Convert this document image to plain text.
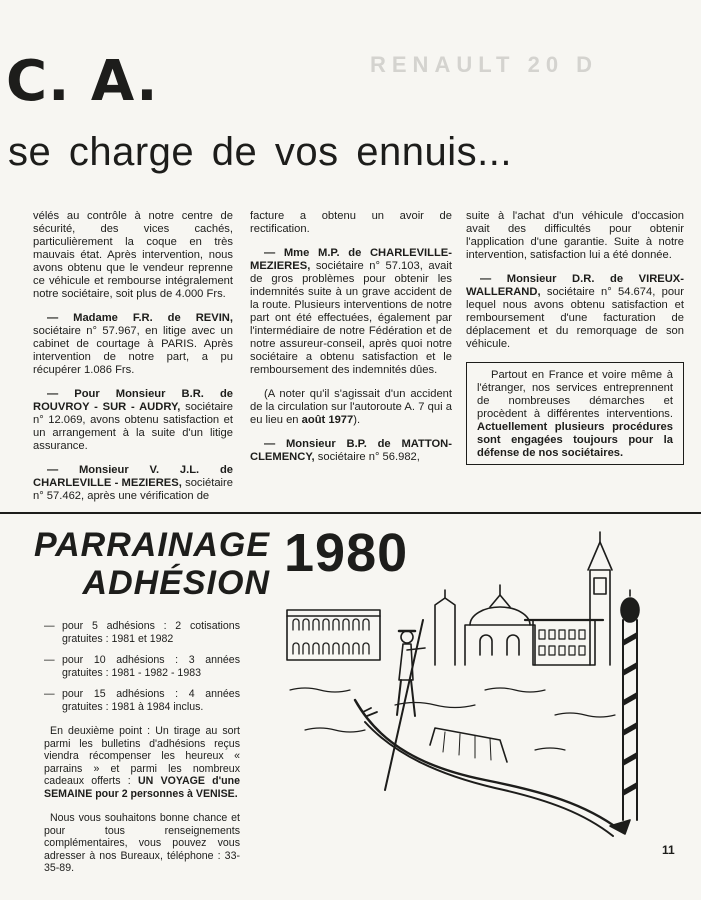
RENAULT 20 D
C. A.
se charge de vos ennuis...

vélés au contrôle à notre centre de sécurité, des vices cachés, particulièrement la coque en très mauvais état. Après intervention, nous avons obtenu que le vendeur reprenne ce véhicule et rembourse intégralement notre sociétaire, soit plus de 4.000 Frs.

— Madame F.R. de REVIN, sociétaire n° 57.967, en litige avec un cabinet de courtage à PARIS. Après intervention de notre part, a pu récupérer 1.086 Frs.

— Pour Monsieur B.R. de ROUVROY - SUR - AUDRY, sociétaire n° 12.069, avons obtenu satisfaction et un arrangement à la suite d'un litige assurance.

— Monsieur V. J.L. de CHARLEVILLE - MEZIERES, sociétaire n° 57.462, après une vérification de

facture a obtenu un avoir de rectification.

— Mme M.P. de CHARLEVILLE-MEZIERES, sociétaire n° 57.103, avait de gros problèmes pour obtenir les indemnités suite à un grave accident de la route. Plusieurs interventions de notre part ont été effectuées, également par l'intermédiaire de notre Fédération et de notre assureur-conseil, après quoi notre sociétaire a obtenu satisfaction et le remboursement des indemnités dûes.

(A noter qu'il s'agissait d'un accident de la circulation sur l'autoroute A. 7 qui a eu lieu en août 1977).

— Monsieur B.P. de MATTON-CLEMENCY, sociétaire n° 56.982,

suite à l'achat d'un véhicule d'occasion avait des difficultés pour obtenir l'application d'une garantie. Suite à notre intervention, satisfaction lui a été donnée.

— Monsieur D.R. de VIREUX-WALLERAND, sociétaire n° 54.674, pour lequel nous avons obtenu satisfaction et remboursement d'une facturation de déplacement et du remorquage de son véhicule.

Partout en France et voire même à l'étranger, nos services entreprennent de nombreuses démarches et procèdent à différentes interventions. Actuellement plusieurs procédures sont engagées toujours pour la défense de nos sociétaires.

PARRAINAGE
ADHÉSION 1980
— pour 5 adhésions : 2 cotisations gratuites : 1981 et 1982
— pour 10 adhésions : 3 années gratuites : 1981 - 1982 - 1983
— pour 15 adhésions : 4 années gratuites : 1981 à 1984 inclus.

En deuxième point : Un tirage au sort parmi les bulletins d'adhésions reçus viendra récompenser les heureux « parrains » et parmi les nombreux cadeaux offerts : UN VOYAGE d'une SEMAINE pour 2 personnes à VENISE.

Nous vous souhaitons bonne chance et pour tous renseignements complémentaires, vous pouvez vous adresser à nos Bureaux, téléphone : 33-35-89.

11
